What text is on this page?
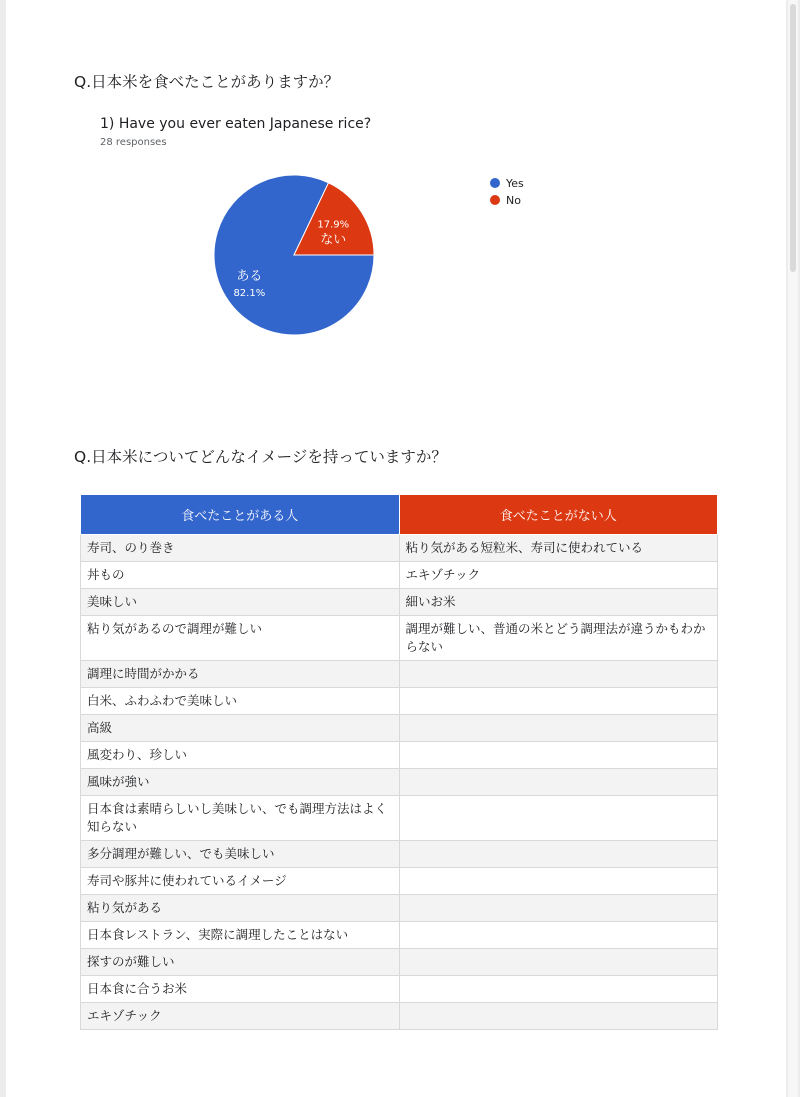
Q.日本米を食べたことがありますか？
1) Have you ever eaten Japanese rice?
28 responses
ある
82.1%
17.9%
ない
Yes
No
Q.日本米についてどんなイメージを持っていますか？
食べたことがある人	食べたことがない人
寿司、のり巻き	粘り気がある短粒米、寿司に使われている
丼もの	エキゾチック
美味しい	細いお米
粘り気があるので調理が難しい	調理が難しい、普通の米とどう調理法が違うかもわからない
調理に時間がかかる	
白米、ふわふわで美味しい	
高級	
風変わり、珍しい	
風味が強い	
日本食は素晴らしいし美味しい、でも調理方法はよく知らない	
多分調理が難しい、でも美味しい	
寿司や豚丼に使われているイメージ	
粘り気がある	
日本食レストラン、実際に調理したことはない	
探すのが難しい	
日本食に合うお米	
エキゾチック	
